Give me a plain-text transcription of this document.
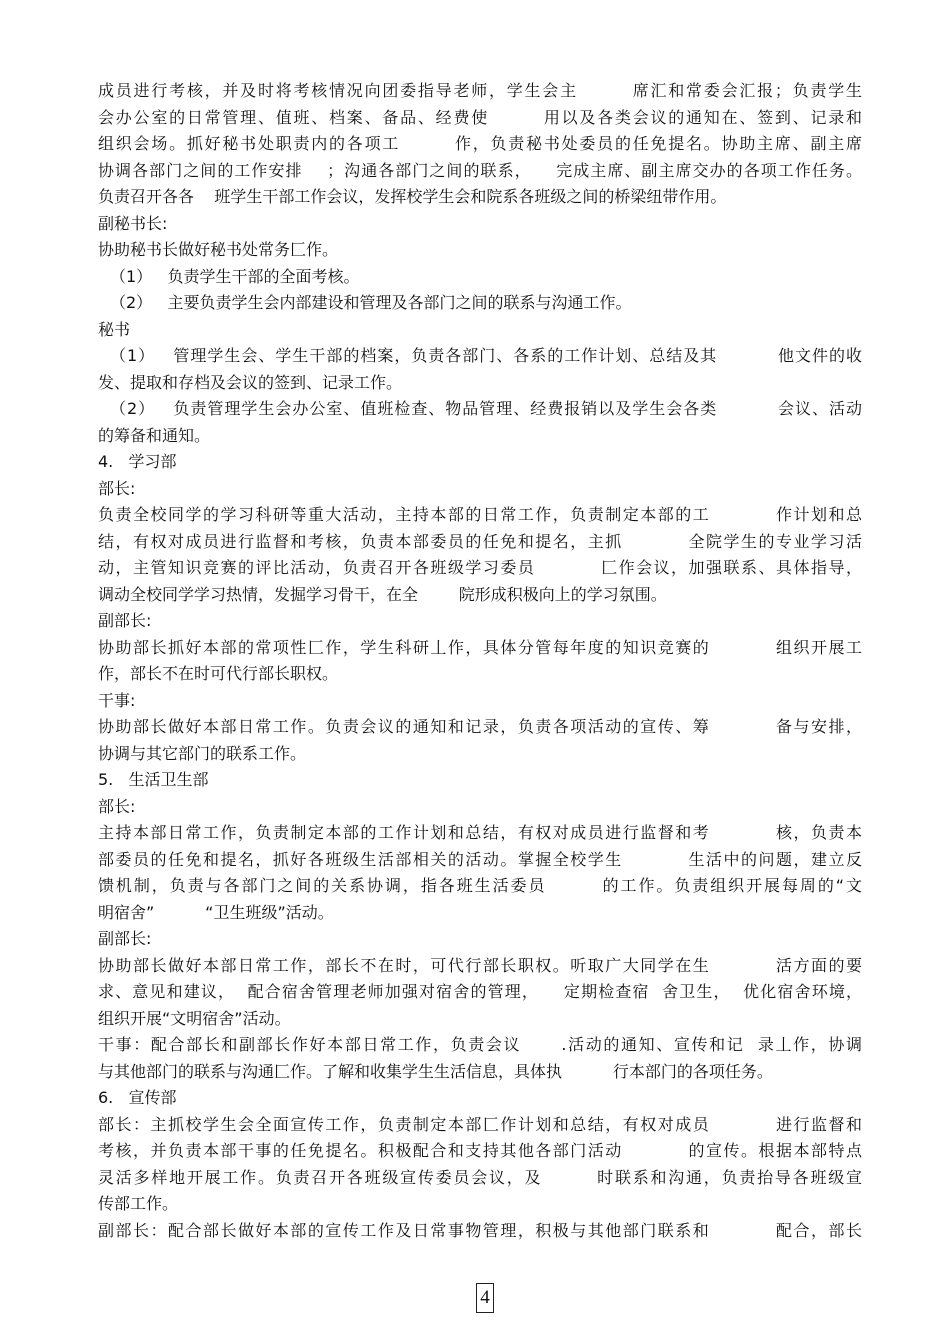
成员进行考核，并及时将考核情况向团委指导老师，学生会主        席汇和常委会汇报；负责学生
会办公室的日常管理、值班、档案、备品、经费使        用以及各类会议的通知在、签到、记录和
组织会场。抓好秘书处职责内的各项工        作，负责秘书处委员的任免提名。协助主席、副主席
协调各部门之间的工作安排    ；沟通各部门之间的联系，    完成主席、副主席交办的各项工作任务。
负责召开各各    班学生干部工作会议，发挥校学生会和院系各班级之间的桥梁纽带作用。
副秘书长:
协助秘书长做好秘书处常务匚作。
（1）   负责学生干部的全面考核。
（2）   主要负责学生会内部建设和管理及各部门之间的联系与沟通工作。
秘书
（1）   管理学生会、学生干部的档案，负责各部门、各系的工作计划、总结及其          他文件的收
发、提取和存档及会议的签到、记录工作。
（2）   负责管理学生会办公室、值班检查、物品管理、经费报销以及学生会各类          会议、活动
的筹备和通知。
4.   学习部
部长:
负责全校同学的学习科研等重大活动，主持本部的日常工作，负责制定本部的工          作计划和总
结，有权对成员进行监督和考核，负责本部委员的任免和提名，主抓          全院学生的专业学习活
动，主管知识竞赛的评比活动，负责召开各班级学习委员          匚作会议，加强联系、具体指导，
调动全校同学学习热情，发掘学习骨干，在全        院形成积极向上的学习氛围。
副部长:
协助部长抓好本部的常项性匚作，学生科研丄作，具体分管每年度的知识竞赛的          组织开展工
作，部长不在时可代行部长职权。
干事:
协助部长做好本部日常工作。负责会议的通知和记录，负责各项活动的宣传、筹          备与安排，
协调与其它部门的联系工作。
5.   生活卫生部
部长:
主持本部日常工作，负责制定本部的工作计划和总结，有权对成员进行监督和考          核，负责本
部委员的任免和提名，抓好各班级生活部相关的活动。掌握全校学生          生活中的问题，建立反
馈机制，负责与各部门之间的关系协调，指各班生活委员        的工作。负责组织开展每周的“文
明宿舍”          “卫生班级”活动。
副部长:
协助部长做好本部日常工作，部长不在时，可代行部长职权。听取广大同学在生          活方面的要
求、意见和建议，  配合宿舍管理老师加强对宿舍的管理，    定期检查宿  舍卫生，  优化宿舍环境，
组织开展“文明宿舍”活动。
干事：配合部长和副部长作好本部日常工作，负责会议      .活动的通知、宣传和记  录丄作，协调
与其他部门的联系与沟通匚作。了解和收集学生生活信息，具体执          行本部门的各项任务。
6.   宣传部
部长：主抓校学生会全面宣传工作，负责制定本部匚作计划和总结，有权对成员          进行监督和
考核，并负责本部干事的任免提名。积极配合和支持其他各部门活动          的宣传。根据本部特点
灵活多样地开展工作。负责召开各班级宣传委员会议，及        时联系和沟通，负责抬导各班级宣
传部工作。
副部长：配合部长做好本部的宣传工作及日常事物管理，积极与其他部门联系和          配合，部长
4
